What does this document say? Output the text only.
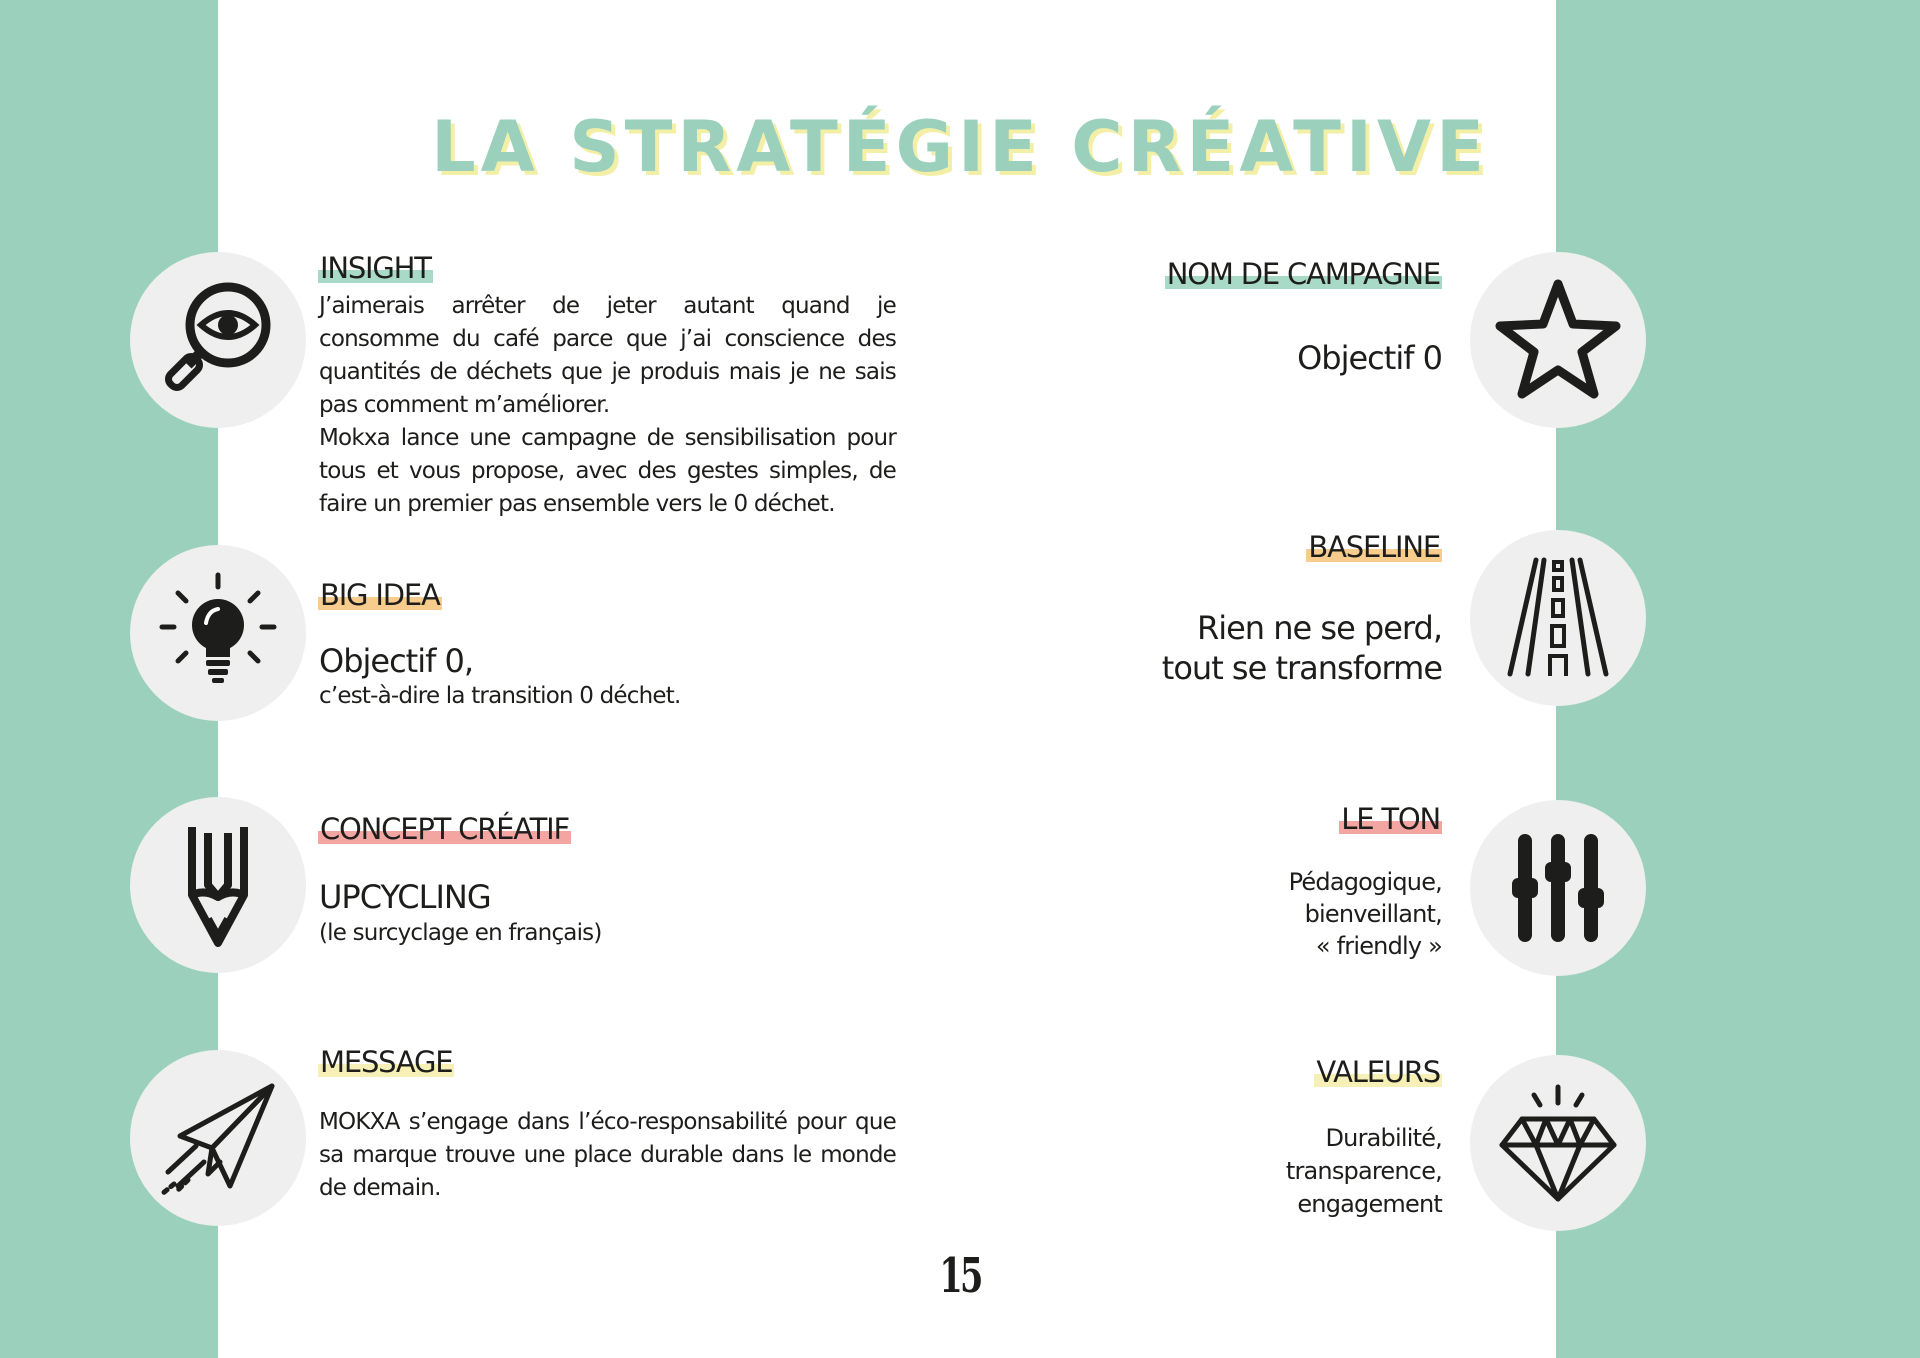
LA STRATÉGIE CRÉATIVE
INSIGHT
J’aimerais arrêter de jeter autant quand je consomme du café parce que j’ai conscience des quantités de déchets que je produis mais je ne sais pas comment m’améliorer.
Mokxa lance une campagne de sensibilisation pour tous et vous propose, avec des gestes simples, de faire un premier pas ensemble vers le 0 déchet.
BIG IDEA
Objectif 0,
c’est-à-dire la transition 0 déchet.
CONCEPT CRÉATIF
UPCYCLING
(le surcyclage en français)
MESSAGE
MOKXA s’engage dans l’éco-responsabilité pour que sa marque trouve une place durable dans le monde de demain.
NOM DE CAMPAGNE
Objectif 0
BASELINE
Rien ne se perd,
tout se transforme
LE TON
Pédagogique,
bienveillant,
« friendly »
VALEURS
Durabilité,
transparence,
engagement
15
